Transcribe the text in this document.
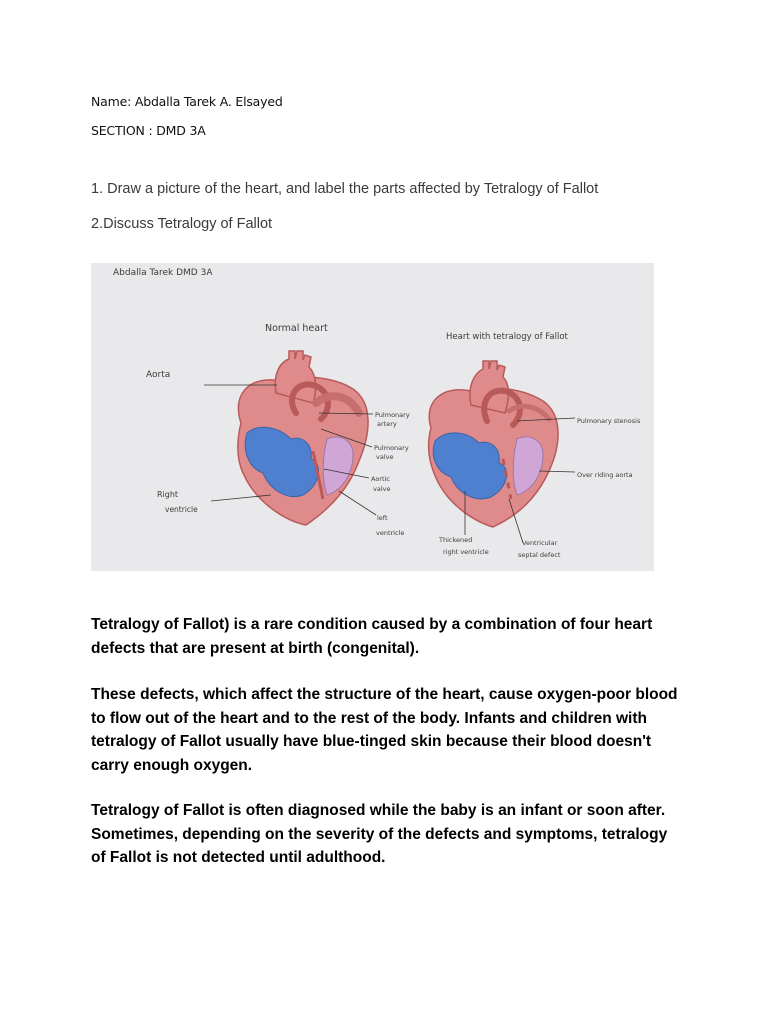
Name: Abdalla Tarek A. Elsayed
SECTION : DMD 3A
1. Draw a picture of the heart, and label the parts affected by Tetralogy of Fallot
2.Discuss Tetralogy of Fallot
Abdalla Tarek DMD 3A
Normal heart
Heart with tetralogy of Fallot
Aorta
Pulmonary
artery
Pulmonary
valve
Aortic
valve
Right
ventricle
left
ventricle
Pulmonary stenosis
Over riding aorta
Thickened
right ventricle
Ventricular
septal defect

Tetralogy of Fallot) is a rare condition caused by a combination of four heart defects that are present at birth (congenital).

These defects, which affect the structure of the heart, cause oxygen-poor blood to flow out of the heart and to the rest of the body. Infants and children with tetralogy of Fallot usually have blue-tinged skin because their blood doesn't carry enough oxygen.

Tetralogy of Fallot is often diagnosed while the baby is an infant or soon after. Sometimes, depending on the severity of the defects and symptoms, tetralogy of Fallot is not detected until adulthood.
